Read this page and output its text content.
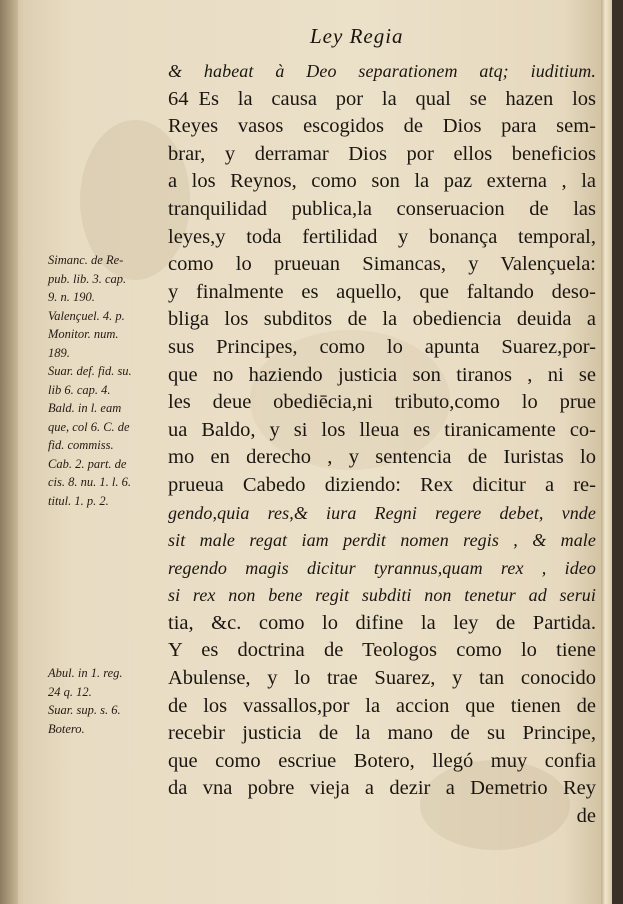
Ley Regia
Simanc. de Re-
pub. lib. 3. cap.
9. n. 190.
Valençuel. 4. p.
Monitor. num.
189.
Suar. def. fid. su.
lib 6. cap. 4.
Bald. in l. eam
que, col 6. C. de
fid. commiss.
Cab. 2. part. de
cis. 8. nu. 1. l. 6.
titul. 1. p. 2.
Abul. in 1. reg.
24 q. 12.
Suar. sup. s. 6.
Botero.
& habeat à Deo separationem atq; iuditium.
64 Es la causa por la qual se hazen los
Reyes vasos escogidos de Dios para sem-
brar, y derramar Dios por ellos beneficios
a los Reynos, como son la paz externa , la
tranquilidad publica,la conseruacion de las
leyes,y toda fertilidad y bonança temporal,
como lo prueuan Simancas, y Valençuela:
y finalmente es aquello, que faltando deso-
bliga los subditos de la obediencia deuida a
sus Principes, como lo apunta Suarez,por-
que no haziendo justicia son tiranos , ni se
les deue obediēcia,ni tributo,como lo prue
ua Baldo, y si los lleua es tiranicamente co-
mo en derecho , y sentencia de Iuristas lo
prueua Cabedo diziendo: Rex dicitur a re-
gendo,quia res,& iura Regni regere debet, vnde
sit male regat iam perdit nomen regis , & male
regendo magis dicitur tyrannus,quam rex , ideo
si rex non bene regit subditi non tenetur ad serui
tia, &c. como lo difine la ley de Partida.
Y es doctrina de Teologos como lo tiene
Abulense, y lo trae Suarez, y tan conocido
de los vassallos,por la accion que tienen de
recebir justicia de la mano de su Principe,
que como escriue Botero, llegó muy confia
da vna pobre vieja a dezir a Demetrio Rey
de
